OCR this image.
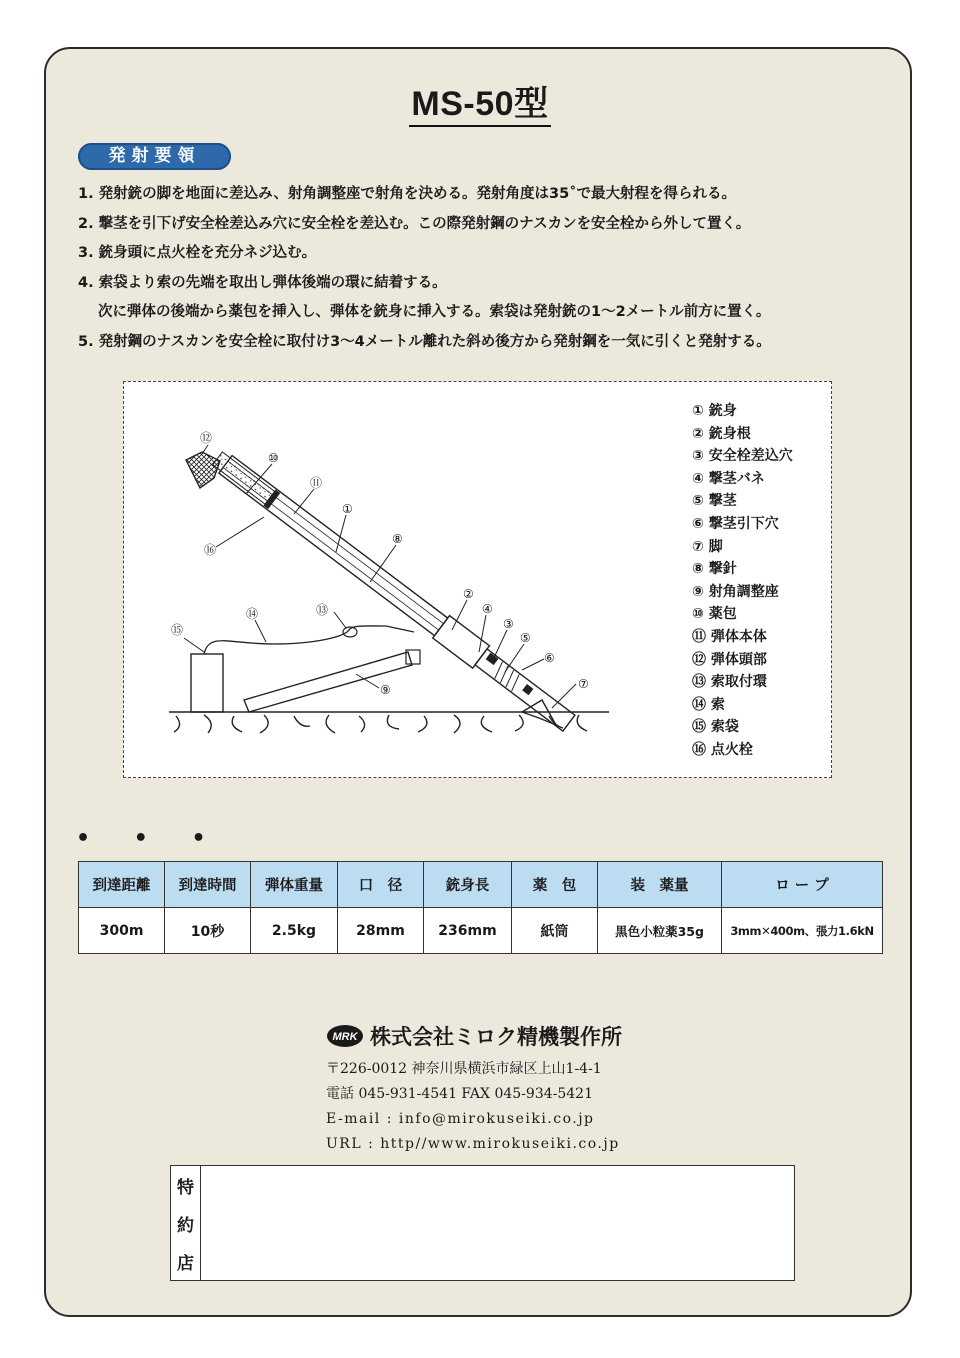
MS-50型
発射要領
1. 発射銃の脚を地面に差込み、射角調整座で射角を決める。発射角度は35˚で最大射程を得られる。
2. 撃茎を引下げ安全栓差込み穴に安全栓を差込む。この際発射鋼のナスカンを安全栓から外して置く。
3. 銃身頭に点火栓を充分ネジ込む。
4. 索袋より索の先端を取出し弾体後端の環に結着する。
次に弾体の後端から薬包を挿入し、弾体を銃身に挿入する。索袋は発射銃の1〜2メートル前方に置く。
5. 発射鋼のナスカンを安全栓に取付け3〜4メートル離れた斜め後方から発射鋼を一気に引くと発射する。
⑫
⑩
⑪
①
⑧
⑯
②
④
③
⑤
⑥
⑦
⑭	⑬
⑮
⑨
① 銃身
② 銃身根
③ 安全栓差込穴
④ 撃茎バネ
⑤ 撃茎
⑥ 撃茎引下穴
⑦ 脚
⑧ 撃針
⑨ 射角調整座
⑩ 薬包
⑪ 弾体本体
⑫ 弾体頭部
⑬ 索取付環
⑭ 索
⑮ 索袋
⑯ 点火栓
• • •
到達距離	到達時間	弾体重量	口　径	銃身長	薬　包	装　薬量	ロ ー プ
300m	10秒	2.5kg	28mm	236mm	紙筒	黒色小粒薬35g	3mm✕400m、張力1.6kN
MRK 株式会社ミロク精機製作所
〒226-0012 神奈川県横浜市緑区上山1-4-1
電話 045-931-4541 FAX 045-934-5421
E-mail : info@mirokuseiki.co.jp
URL : http//www.mirokuseiki.co.jp
特
約
店
